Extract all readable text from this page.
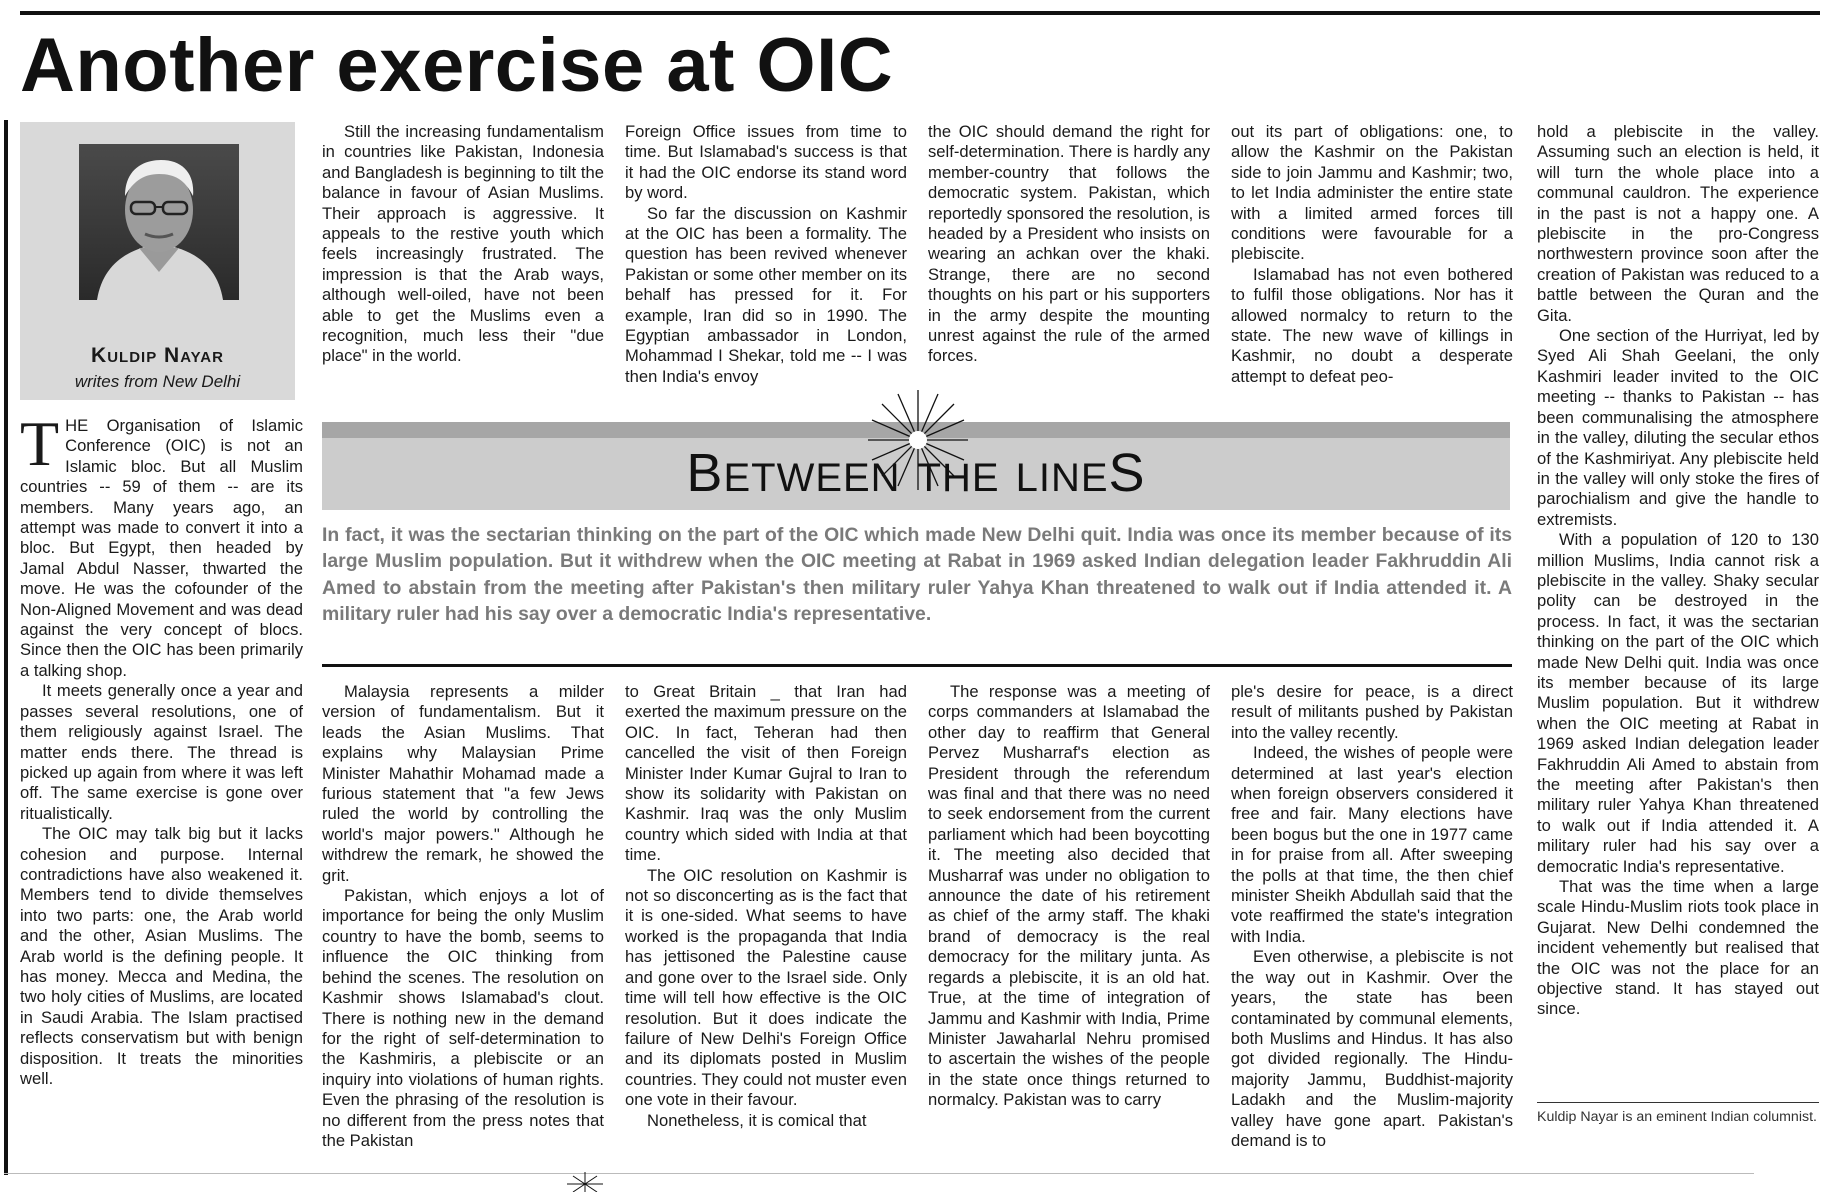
Another exercise at OIC
Kuldip Nayar
writes from New Delhi

THE Organisation of Islamic Conference (OIC) is not an Islamic bloc. But all Muslim countries -- 59 of them -- are its members. Many years ago, an attempt was made to convert it into a bloc. But Egypt, then headed by Jamal Abdul Nasser, thwarted the move. He was the cofounder of the Non-Aligned Movement and was dead against the very concept of blocs. Since then the OIC has been primarily a talking shop.

It meets generally once a year and passes several resolutions, one of them religiously against Israel. The matter ends there. The thread is picked up again from where it was left off. The same exercise is gone over ritualistically.

The OIC may talk big but it lacks cohesion and purpose. Internal contradictions have also weakened it. Members tend to divide themselves into two parts: one, the Arab world and the other, Asian Muslims. The Arab world is the defining people. It has money. Mecca and Medina, the two holy cities of Muslims, are located in Saudi Arabia. The Islam practised reflects conservatism but with benign disposition. It treats the minorities well.

Still the increasing fundamentalism in countries like Pakistan, Indonesia and Bangladesh is beginning to tilt the balance in favour of Asian Muslims. Their approach is aggressive. It appeals to the restive youth which feels increasingly frustrated. The impression is that the Arab ways, although well-oiled, have not been able to get the Muslims even a recognition, much less their "due place" in the world.

Foreign Office issues from time to time. But Islamabad's success is that it had the OIC endorse its stand word by word.

So far the discussion on Kashmir at the OIC has been a formality. The question has been revived whenever Pakistan or some other member on its behalf has pressed for it. For example, Iran did so in 1990. The Egyptian ambassador in London, Mohammad I Shekar, told me -- I was then India's envoy

the OIC should demand the right for self-determination. There is hardly any member-country that follows the democratic system. Pakistan, which reportedly sponsored the resolution, is headed by a President who insists on wearing an achkan over the khaki. Strange, there are no second thoughts on his part or his supporters in the army despite the mounting unrest against the rule of the armed forces.

out its part of obligations: one, to allow the Kashmir on the Pakistan side to join Jammu and Kashmir; two, to let India administer the entire state with a limited armed forces till conditions were favourable for a plebiscite.

Islamabad has not even bothered to fulfil those obligations. Nor has it allowed normalcy to return to the state. The new wave of killings in Kashmir, no doubt a desperate attempt to defeat peo-

BETWEEN THE LINES
In fact, it was the sectarian thinking on the part of the OIC which made New Delhi quit. India was once its member because of its large Muslim population. But it withdrew when the OIC meeting at Rabat in 1969 asked Indian delegation leader Fakhruddin Ali Amed to abstain from the meeting after Pakistan's then military ruler Yahya Khan threatened to walk out if India attended it. A military ruler had his say over a democratic India's representative.

Malaysia represents a milder version of fundamentalism. But it leads the Asian Muslims. That explains why Malaysian Prime Minister Mahathir Mohamad made a furious statement that "a few Jews ruled the world by controlling the world's major powers." Although he withdrew the remark, he showed the grit.

Pakistan, which enjoys a lot of importance for being the only Muslim country to have the bomb, seems to influence the OIC thinking from behind the scenes. The resolution on Kashmir shows Islamabad's clout. There is nothing new in the demand for the right of self-determination to the Kashmiris, a plebiscite or an inquiry into violations of human rights. Even the phrasing of the resolution is no different from the press notes that the Pakistan

to Great Britain _ that Iran had exerted the maximum pressure on the OIC. In fact, Teheran had then cancelled the visit of then Foreign Minister Inder Kumar Gujral to Iran to show its solidarity with Pakistan on Kashmir. Iraq was the only Muslim country which sided with India at that time.

The OIC resolution on Kashmir is not so disconcerting as is the fact that it is one-sided. What seems to have worked is the propaganda that India has jettisoned the Palestine cause and gone over to the Israel side. Only time will tell how effective is the OIC resolution. But it does indicate the failure of New Delhi's Foreign Office and its diplomats posted in Muslim countries. They could not muster even one vote in their favour.

Nonetheless, it is comical that

The response was a meeting of corps commanders at Islamabad the other day to reaffirm that General Pervez Musharraf's election as President through the referendum was final and that there was no need to seek endorsement from the current parliament which had been boycotting it. The meeting also decided that Musharraf was under no obligation to announce the date of his retirement as chief of the army staff. The khaki brand of democracy is the real democracy for the military junta. As regards a plebiscite, it is an old hat. True, at the time of integration of Jammu and Kashmir with India, Prime Minister Jawaharlal Nehru promised to ascertain the wishes of the people in the state once things returned to normalcy. Pakistan was to carry

ple's desire for peace, is a direct result of militants pushed by Pakistan into the valley recently.

Indeed, the wishes of people were determined at last year's election when foreign observers considered it free and fair. Many elections have been bogus but the one in 1977 came in for praise from all. After sweeping the polls at that time, the then chief minister Sheikh Abdullah said that the vote reaffirmed the state's integration with India.

Even otherwise, a plebiscite is not the way out in Kashmir. Over the years, the state has been contaminated by communal elements, both Muslims and Hindus. It has also got divided regionally. The Hindu-majority Jammu, Buddhist-majority Ladakh and the Muslim-majority valley have gone apart. Pakistan's demand is to

hold a plebiscite in the valley. Assuming such an election is held, it will turn the whole place into a communal cauldron. The experience in the past is not a happy one. A plebiscite in the pro-Congress northwestern province soon after the creation of Pakistan was reduced to a battle between the Quran and the Gita.

One section of the Hurriyat, led by Syed Ali Shah Geelani, the only Kashmiri leader invited to the OIC meeting -- thanks to Pakistan -- has been communalising the atmosphere in the valley, diluting the secular ethos of the Kashmiriyat. Any plebiscite held in the valley will only stoke the fires of parochialism and give the handle to extremists.

With a population of 120 to 130 million Muslims, India cannot risk a plebiscite in the valley. Shaky secular polity can be destroyed in the process. In fact, it was the sectarian thinking on the part of the OIC which made New Delhi quit. India was once its member because of its large Muslim population. But it withdrew when the OIC meeting at Rabat in 1969 asked Indian delegation leader Fakhruddin Ali Amed to abstain from the meeting after Pakistan's then military ruler Yahya Khan threatened to walk out if India attended it. A military ruler had his say over a democratic India's representative.

That was the time when a large scale Hindu-Muslim riots took place in Gujarat. New Delhi condemned the incident vehemently but realised that the OIC was not the place for an objective stand. It has stayed out since.

Kuldip Nayar is an eminent Indian columnist.
